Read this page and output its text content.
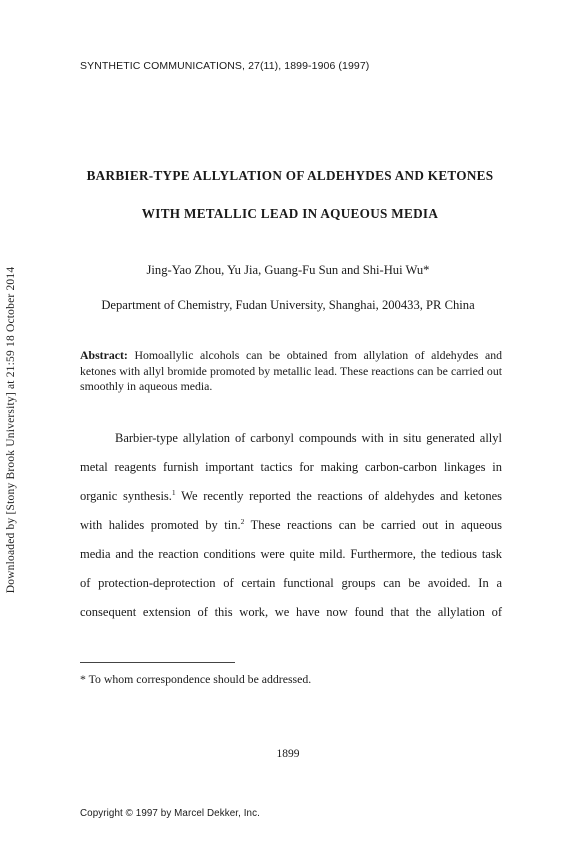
Downloaded by [Stony Brook University] at 21:59 18 October 2014
SYNTHETIC COMMUNICATIONS, 27(11), 1899-1906 (1997)
BARBIER-TYPE ALLYLATION OF ALDEHYDES AND KETONES
WITH METALLIC LEAD IN AQUEOUS MEDIA
Jing-Yao Zhou, Yu Jia, Guang-Fu Sun and Shi-Hui Wu*
Department of Chemistry, Fudan University, Shanghai, 200433, PR China
Abstract: Homoallylic alcohols can be obtained from allylation of aldehydes and ketones with allyl bromide promoted by metallic lead. These reactions can be carried out smoothly in aqueous media.
Barbier-type allylation of carbonyl compounds with in situ generated allyl
metal reagents furnish important tactics for making carbon-carbon linkages in
organic synthesis.$^1$ We recently reported the reactions of aldehydes and ketones
with halides promoted by tin.$^2$ These reactions can be carried out in aqueous
media and the reaction conditions were quite mild. Furthermore, the tedious task
of protection-deprotection of certain functional groups can be avoided. In a
consequent extension of this work, we have now found that the allylation of
* To whom correspondence should be addressed.
1899
Copyright © 1997 by Marcel Dekker, Inc.
